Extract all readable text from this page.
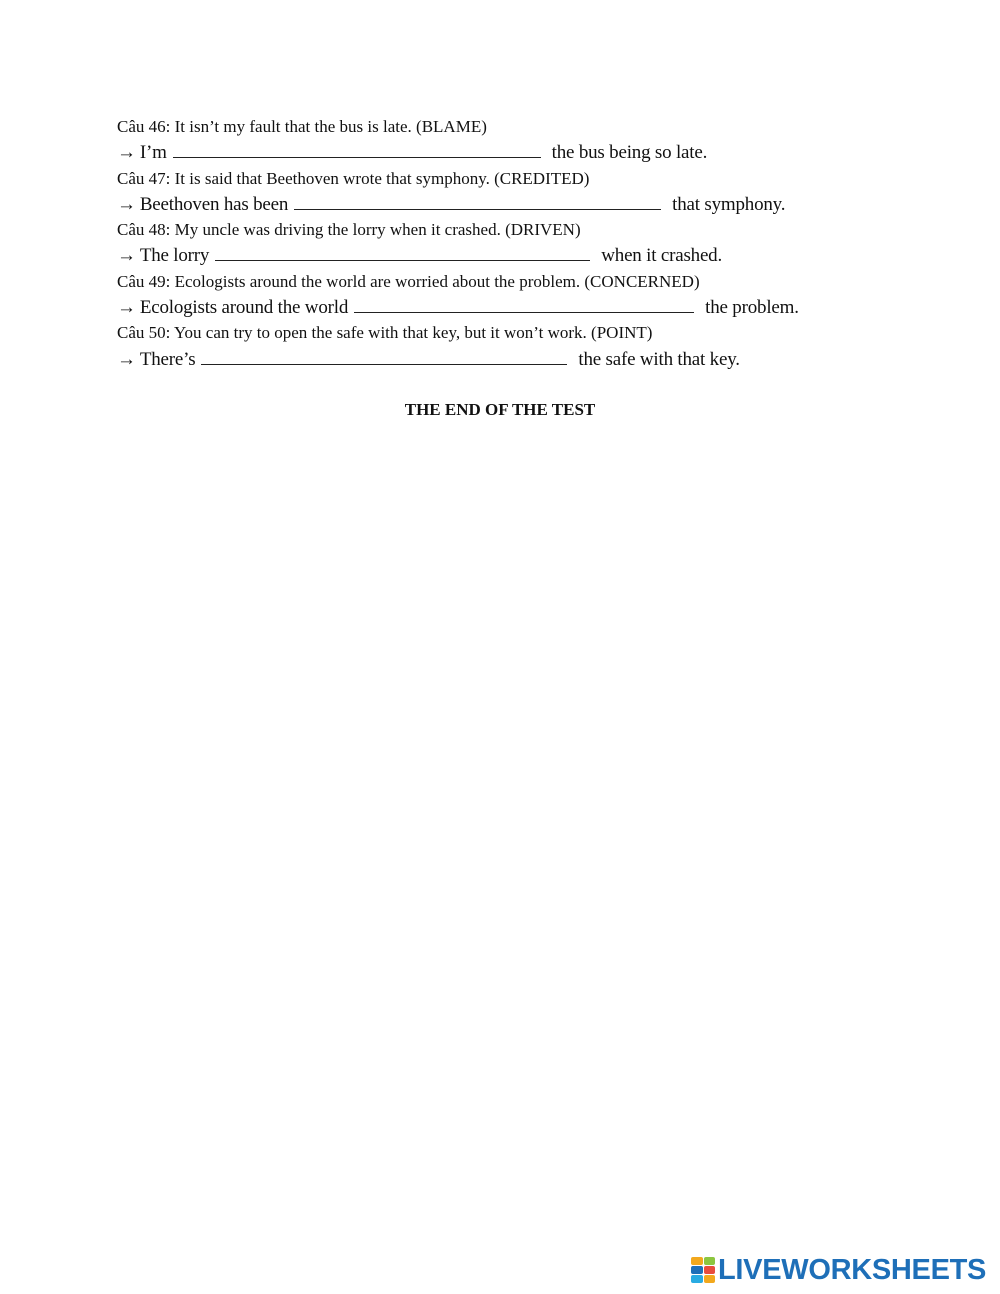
Câu 46: It isn’t my fault that the bus is late. (BLAME)
→ I’m	the bus being so late.
Câu 47: It is said that Beethoven wrote that symphony. (CREDITED)
→ Beethoven has been	that symphony.
Câu 48: My uncle was driving the lorry when it crashed. (DRIVEN)
→ The lorry	when it crashed.
Câu 49: Ecologists around the world are worried about the problem. (CONCERNED)
→ Ecologists around the world	the problem.
Câu 50: You can try to open the safe with that key, but it won’t work. (POINT)
→ There’s	the safe with that key.
THE END OF THE TEST
LIVEWORKSHEETS
